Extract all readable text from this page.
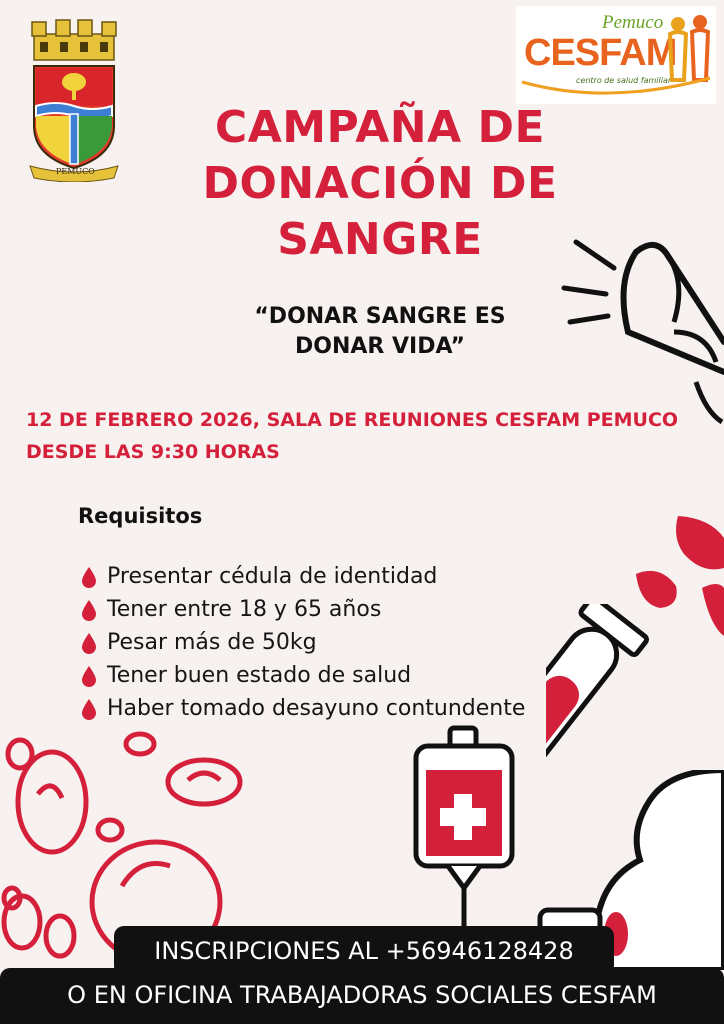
PEMUCO
Pemuco
CESFAM
centro de salud familiar
CAMPAÑA DE
DONACIÓN DE
SANGRE
“DONAR SANGRE ES
DONAR VIDA”
12 DE FEBRERO 2026, SALA DE REUNIONES CESFAM PEMUCO
DESDE LAS 9:30 HORAS
Requisitos
Presentar cédula de identidad
Tener entre 18 y 65 años
Pesar más de 50kg
Tener buen estado de salud
Haber tomado desayuno contundente
INSCRIPCIONES AL +56946128428
O EN OFICINA TRABAJADORAS SOCIALES CESFAM
